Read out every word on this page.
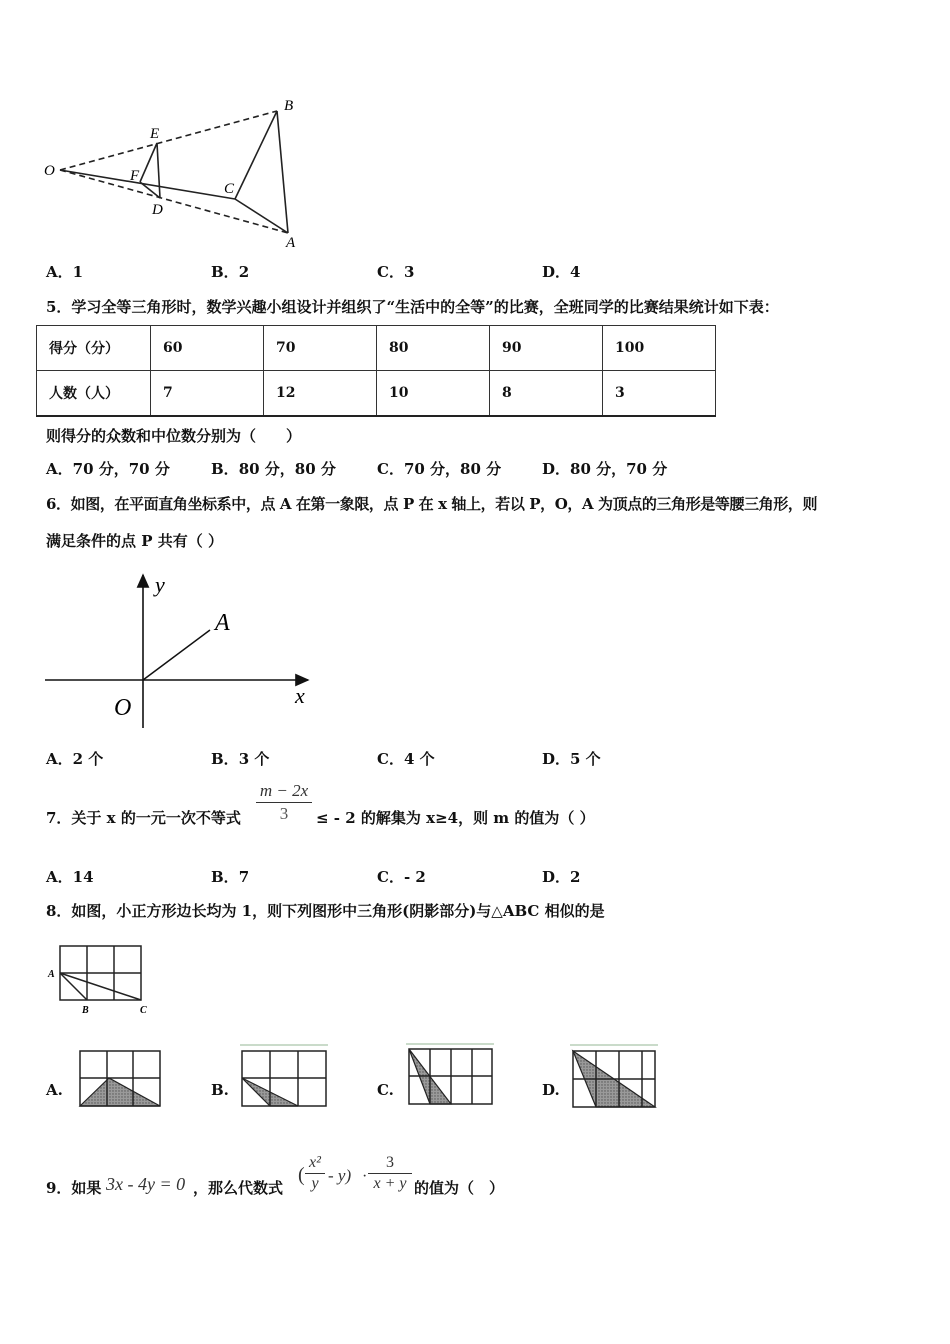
O
E
F
D
C
B
A
A．1	B．2	C．3	D．4
5．学习全等三角形时，数学兴趣小组设计并组织了“生活中的全等”的比赛，全班同学的比赛结果统计如下表：
得分（分）	60	70	80	90	100
人数（人）	7	12	10	8	3
则得分的众数和中位数分别为（　　）
A．70 分，70 分	B．80 分，80 分	C．70 分，80 分	D．80 分，70 分
6．如图，在平面直角坐标系中，点 A 在第一象限，点 P 在 x 轴上，若以 P，O，A 为顶点的三角形是等腰三角形，则
满足条件的点 P 共有（ ）
y
x
O
A
A．2 个	B．3 个	C．4 个	D．5 个
7．关于 x 的一元一次不等式
m − 2x
3	≤ - 2 的解集为 x≥4，则 m 的值为（ ）
A．14	B．7	C．- 2	D．2
8．如图，小正方形边长均为 1，则下列图形中三角形(阴影部分)与△ABC 相似的是
A
B	C
A.	B.	C.	D.
9．如果 3x - 4y = 0 ，那么代数式
(
x²
y - y) ·
3
x + y 的值为（　）
